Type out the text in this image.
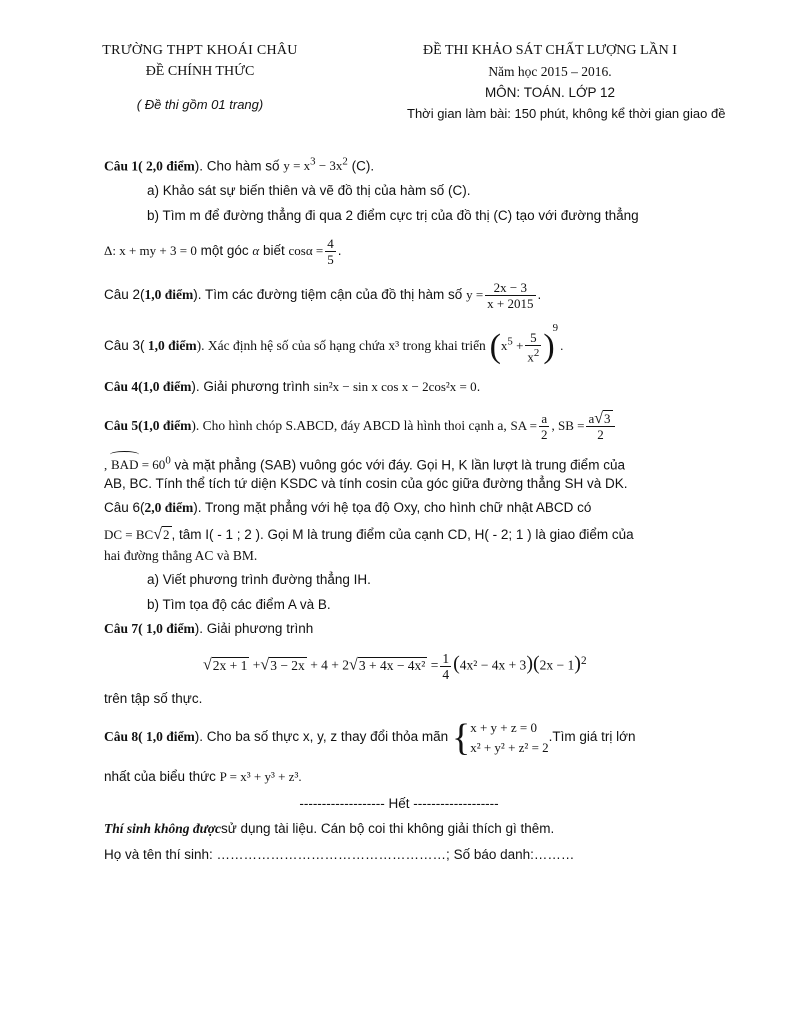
TRƯỜNG THPT KHOÁI CHÂU
ĐỀ CHÍNH THỨC
( Đề thi gồm 01 trang)
ĐỀ THI KHẢO SÁT CHẤT LƯỢNG LẦN I
Năm học 2015 – 2016.
MÔN: TOÁN. LỚP 12
Thời gian làm bài: 150 phút, không kể thời gian giao đề
Câu 1( 2,0 điểm). Cho hàm số $y = x^3 - 3x^2$ (C).
a) Khảo sát sự biến thiên và vẽ đồ thị của hàm số (C).
b) Tìm m để đường thẳng đi qua 2 điểm cực trị của đồ thị (C) tạo với đường thẳng
Δ: x + my + 3 = 0 một góc α biết $\cos\alpha = \frac{4}{5}$ .
Câu 2(1,0 điểm). Tìm các đường tiệm cận của đồ thị hàm số $y = \frac{2x - 3}{x + 2015}$ .
Câu 3( 1,0 điểm). Xác định hệ số của số hạng chứa x³ trong khai triển $(x^5 + \frac{5}{x^2} )^9$.
Câu 4(1,0 điểm). Giải phương trình sin²x − sin x cos x − 2cos²x = 0.
Câu 5(1,0 điểm). Cho hình chóp S.ABCD, đáy ABCD là hình thoi cạnh a, SA = $\frac{a}{2}$ , SB = $\frac{a√3}{2}$
, BAD = $60^0$ và mặt phẳng (SAB) vuông góc với đáy. Gọi H, K lần lượt là trung điểm của
AB, BC. Tính thể tích tứ diện KSDC và tính cosin của góc giữa đường thẳng SH và DK.
Câu 6(2,0 điểm). Trong mặt phẳng với hệ tọa độ Oxy, cho hình chữ nhật ABCD có
DC = BC√2 , tâm I( - 1 ; 2 ). Gọi M là trung điểm của cạnh CD, H( - 2; 1 ) là giao điểm của
hai đường thẳng AC và BM.
a) Viết phương trình đường thẳng IH.
b) Tìm tọa độ các điểm A và B.
Câu 7( 1,0 điểm). Giải phương trình
$√2x + 1 +√3 - 2x + 4 + 2√3 + 4x - 4x^2 = \frac{1}{4} (4x^2 - 4x + 3)(2x - 1)^2$
trên tập số thực.
Câu 8( 1,0 điểm). Cho ba số thực x, y, z thay đổi thỏa mãn {x + y + z = 0
x² + y² + z² = 2.Tìm giá trị lớn
nhất của biểu thức P = x³ + y³ + z³.
------------------- Hết -------------------
Thí sinh không đượcsử dụng tài liệu. Cán bộ coi thi không giải thích gì thêm.
Họ và tên thí sinh: ……………………………………………; Số báo danh:………
